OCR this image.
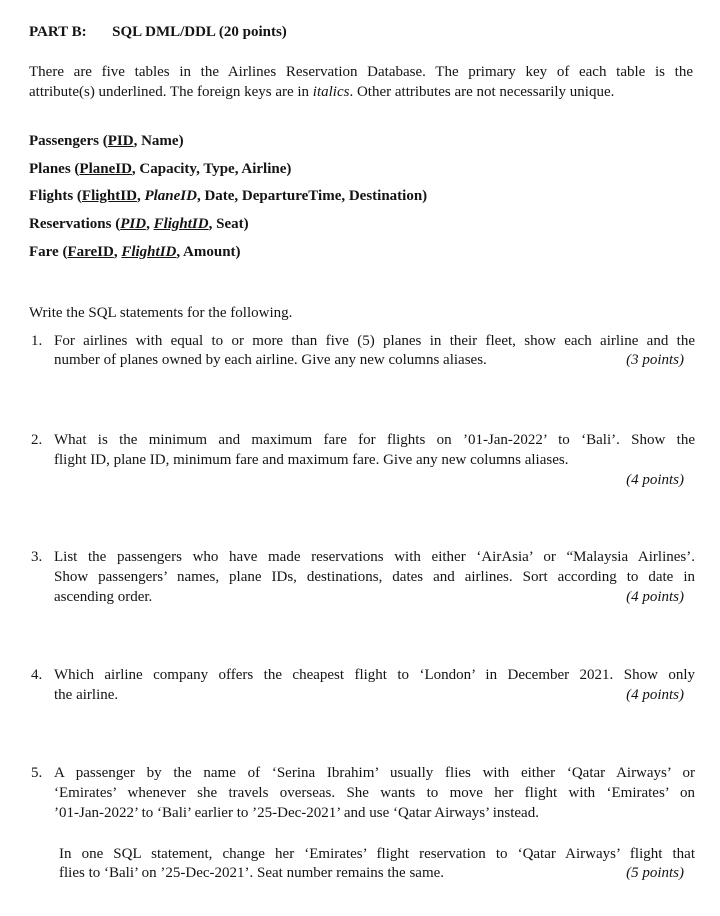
PART B: SQL DML/DDL (20 points)
There are five tables in the Airlines Reservation Database. The primary key of each table is the
attribute(s) underlined. The foreign keys are in italics. Other attributes are not necessarily unique.
Passengers (PID, Name)
Planes (PlaneID, Capacity, Type, Airline)
Flights (FlightID, PlaneID, Date, DepartureTime, Destination)
Reservations (PID, FlightID, Seat)
Fare (FareID, FlightID, Amount)
Write the SQL statements for the following.
1. For airlines with equal to or more than five (5) planes in their fleet, show each airline and the
number of planes owned by each airline. Give any new columns aliases.	(3 points)
2. What is the minimum and maximum fare for flights on ’01-Jan-2022’ to ‘Bali’. Show the
flight ID, plane ID, minimum fare and maximum fare. Give any new columns aliases.
(4 points)
3. List the passengers who have made reservations with either ‘AirAsia’ or “Malaysia Airlines’.
Show passengers’ names, plane IDs, destinations, dates and airlines. Sort according to date in
ascending order.	(4 points)
4. Which airline company offers the cheapest flight to ‘London’ in December 2021. Show only
the airline.	(4 points)
5. A passenger by the name of ‘Serina Ibrahim’ usually flies with either ‘Qatar Airways’ or
‘Emirates’ whenever she travels overseas. She wants to move her flight with ‘Emirates’ on
’01-Jan-2022’ to ‘Bali’ earlier to ’25-Dec-2021’ and use ‘Qatar Airways’ instead.
In one SQL statement, change her ‘Emirates’ flight reservation to ‘Qatar Airways’ flight that
flies to ‘Bali’ on ’25-Dec-2021’. Seat number remains the same.	(5 points)
